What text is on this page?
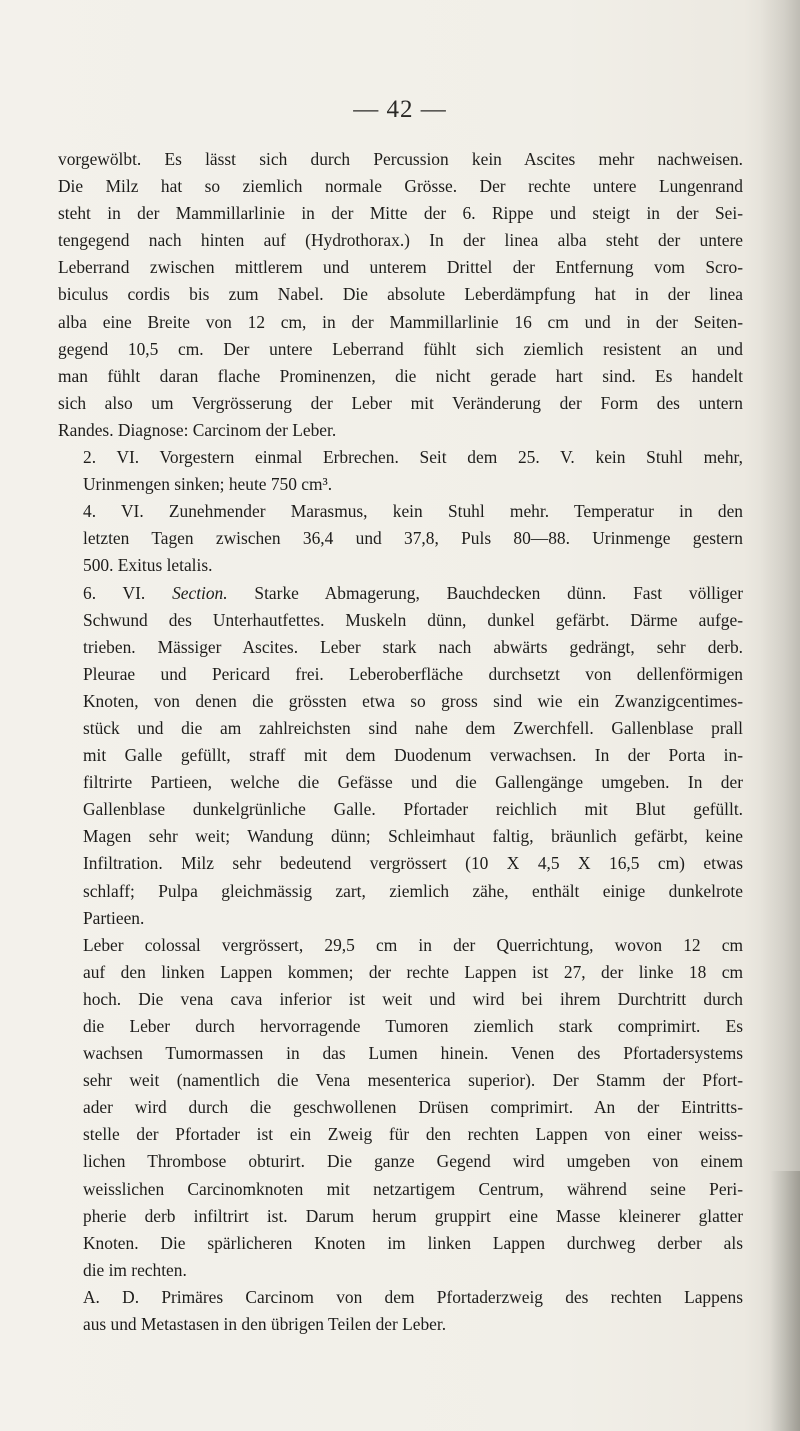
— 42 —

vorgewölbt. Es lässt sich durch Percussion kein Ascites mehr nachweisen.
Die Milz hat so ziemlich normale Grösse. Der rechte untere Lungenrand
steht in der Mammillarlinie in der Mitte der 6. Rippe und steigt in der Sei-
tengegend nach hinten auf (Hydrothorax.) In der linea alba steht der untere
Leberrand zwischen mittlerem und unterem Drittel der Entfernung vom Scro-
biculus cordis bis zum Nabel. Die absolute Leberdämpfung hat in der linea
alba eine Breite von 12 cm, in der Mammillarlinie 16 cm und in der Seiten-
gegend 10,5 cm. Der untere Leberrand fühlt sich ziemlich resistent an und
man fühlt daran flache Prominenzen, die nicht gerade hart sind. Es handelt
sich also um Vergrösserung der Leber mit Veränderung der Form des untern
Randes. Diagnose: Carcinom der Leber.

2. VI. Vorgestern einmal Erbrechen. Seit dem 25. V. kein Stuhl mehr,
Urinmengen sinken; heute 750 cm³.

4. VI. Zunehmender Marasmus, kein Stuhl mehr. Temperatur in den
letzten Tagen zwischen 36,4 und 37,8, Puls 80—88. Urinmenge gestern
500. Exitus letalis.

6. VI. Section. Starke Abmagerung, Bauchdecken dünn. Fast völliger
Schwund des Unterhautfettes. Muskeln dünn, dunkel gefärbt. Därme aufge-
trieben. Mässiger Ascites. Leber stark nach abwärts gedrängt, sehr derb.
Pleurae und Pericard frei. Leberoberfläche durchsetzt von dellenförmigen
Knoten, von denen die grössten etwa so gross sind wie ein Zwanzigcentimes-
stück und die am zahlreichsten sind nahe dem Zwerchfell. Gallenblase prall
mit Galle gefüllt, straff mit dem Duodenum verwachsen. In der Porta in-
filtrirte Partieen, welche die Gefässe und die Gallengänge umgeben. In der
Gallenblase dunkelgrünliche Galle. Pfortader reichlich mit Blut gefüllt.
Magen sehr weit; Wandung dünn; Schleimhaut faltig, bräunlich gefärbt, keine
Infiltration. Milz sehr bedeutend vergrössert (10 X 4,5 X 16,5 cm) etwas
schlaff; Pulpa gleichmässig zart, ziemlich zähe, enthält einige dunkelrote
Partieen.

Leber colossal vergrössert, 29,5 cm in der Querrichtung, wovon 12 cm
auf den linken Lappen kommen; der rechte Lappen ist 27, der linke 18 cm
hoch. Die vena cava inferior ist weit und wird bei ihrem Durchtritt durch
die Leber durch hervorragende Tumoren ziemlich stark comprimirt. Es
wachsen Tumormassen in das Lumen hinein. Venen des Pfortadersystems
sehr weit (namentlich die Vena mesenterica superior). Der Stamm der Pfort-
ader wird durch die geschwollenen Drüsen comprimirt. An der Eintritts-
stelle der Pfortader ist ein Zweig für den rechten Lappen von einer weiss-
lichen Thrombose obturirt. Die ganze Gegend wird umgeben von einem
weisslichen Carcinomknoten mit netzartigem Centrum, während seine Peri-
pherie derb infiltrirt ist. Darum herum gruppirt eine Masse kleinerer glatter
Knoten. Die spärlicheren Knoten im linken Lappen durchweg derber als
die im rechten.

A. D. Primäres Carcinom von dem Pfortaderzweig des rechten Lappens
aus und Metastasen in den übrigen Teilen der Leber.
